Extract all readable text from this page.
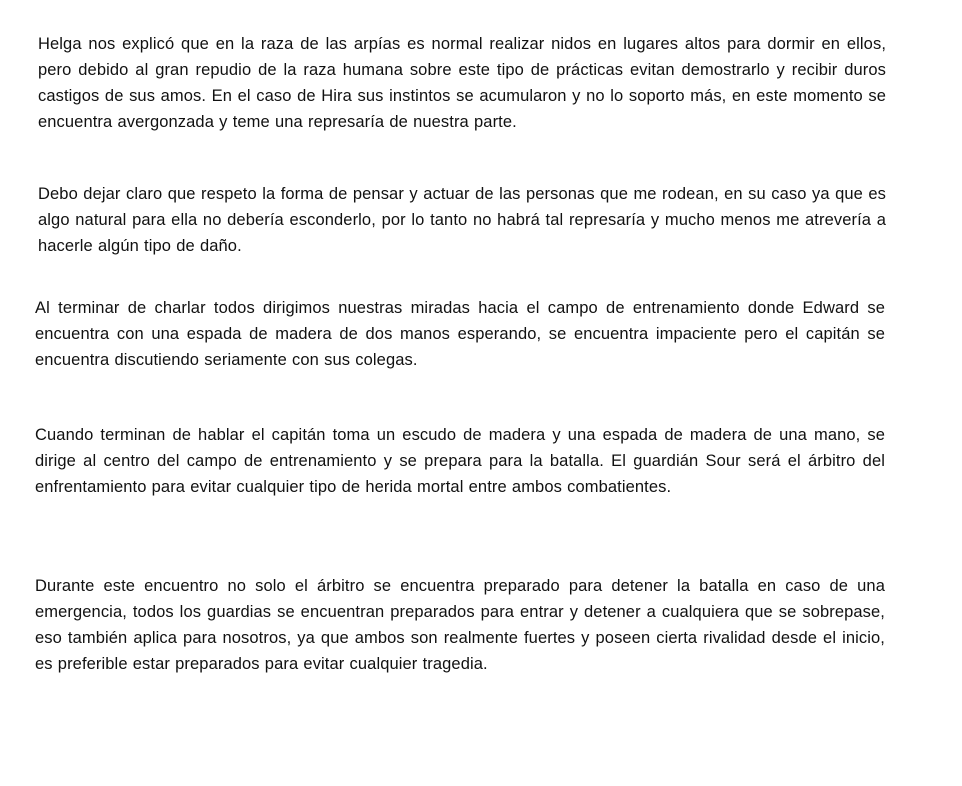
Helga nos explicó que en la raza de las arpías es normal realizar nidos en lugares altos para dormir en ellos, pero debido al gran repudio de la raza humana sobre este tipo de prácticas evitan demostrarlo y recibir duros castigos de sus amos. En el caso de Hira sus instintos se acumularon y no lo soporto más, en este momento se encuentra avergonzada y teme una represaría de nuestra parte.

Debo dejar claro que respeto la forma de pensar y actuar de las personas que me rodean, en su caso ya que es algo natural para ella no debería esconderlo, por lo tanto no habrá tal represaría y mucho menos me atrevería a hacerle algún tipo de daño.

Al terminar de charlar todos dirigimos nuestras miradas hacia el campo de entrenamiento donde Edward se encuentra con una espada de madera de dos manos esperando, se encuentra impaciente pero el capitán se encuentra discutiendo seriamente con sus colegas.

Cuando terminan de hablar el capitán toma un escudo de madera y una espada de madera de una mano, se dirige al centro del campo de entrenamiento y se prepara para la batalla. El guardián Sour será el árbitro del enfrentamiento para evitar cualquier tipo de herida mortal entre ambos combatientes.

Durante este encuentro no solo el árbitro se encuentra preparado para detener la batalla en caso de una emergencia, todos los guardias se encuentran preparados para entrar y detener a cualquiera que se sobrepase, eso también aplica para nosotros, ya que ambos son realmente fuertes y poseen cierta rivalidad desde el inicio, es preferible estar preparados para evitar cualquier tragedia.
